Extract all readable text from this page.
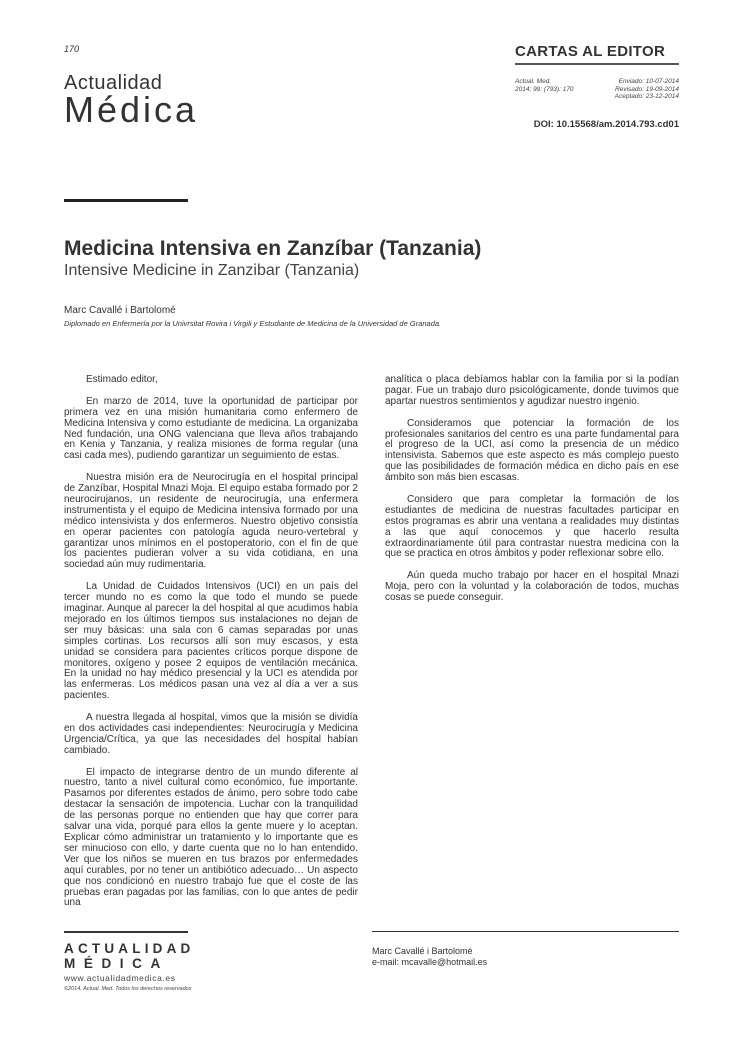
170
Actualidad
Médica
CARTAS AL EDITOR
Actual. Med.
2014; 99: (793): 170
Enviado: 10-07-2014
Revisado: 19-09-2014
Aceptado: 23-12-2014
DOI: 10.15568/am.2014.793.cd01
Medicina Intensiva en Zanzíbar (Tanzania)
Intensive Medicine in Zanzibar (Tanzania)
Marc Cavallé i Bartolomé
Diplomado en Enfermería por la Univrsitat Rovira i Virgili y Estudiante de Medicina de la Universidad de Granada.

Estimado editor,

En marzo de 2014, tuve la oportunidad de participar por primera vez en una misión humanitaria como enfermero de Medicina Intensiva y como estudiante de medicina. La organizaba Ned fundación, una ONG valenciana que lleva años trabajando en Kenia y Tanzania, y realiza misiones de forma regular (una casi cada mes), pudiendo garantizar un seguimiento de estas.

Nuestra misión era de Neurocirugía en el hospital principal de Zanzíbar, Hospital Mnazi Moja. El equipo estaba formado por 2 neurocirujanos, un residente de neurocirugía, una enfermera instrumentista y el equipo de Medicina intensiva formado por una médico intensivista y dos enfermeros. Nuestro objetivo consistía en operar pacientes con patología aguda neuro-vertebral y garantizar unos mínimos en el postoperatorio, con el fin de que los pacientes pudieran volver a su vida cotidiana, en una sociedad aún muy rudimentaria.

La Unidad de Cuidados Intensivos (UCI) en un país del tercer mundo no es como la que todo el mundo se puede imaginar. Aunque al parecer la del hospital al que acudimos había mejorado en los últimos tiempos sus instalaciones no dejan de ser muy básicas: una sala con 6 camas separadas por unas simples cortinas. Los recursos allí son muy escasos, y esta unidad se considera para pacientes críticos porque dispone de monitores, oxígeno y posee 2 equipos de ventilación mecánica. En la unidad no hay médico presencial y la UCI es atendida por las enfermeras. Los médicos pasan una vez al día a ver a sus pacientes.

A nuestra llegada al hospital, vimos que la misión se dividía en dos actividades casi independientes: Neurocirugía y Medicina Urgencia/Crítica, ya que las necesidades del hospital habían cambiado.

El impacto de integrarse dentro de un mundo diferente al nuestro, tanto a nivel cultural como económico, fue importante. Pasamos por diferentes estados de ánimo, pero sobre todo cabe destacar la sensación de impotencia. Luchar con la tranquilidad de las personas porque no entienden que hay que correr para salvar una vida, porqué para ellos la gente muere y lo aceptan. Explicar cómo administrar un tratamiento y lo importante que es ser minucioso con ello, y darte cuenta que no lo han entendido. Ver que los niños se mueren en tus brazos por enfermedades aquí curables, por no tener un antibiótico adecuado… Un aspecto que nos condicionó en nuestro trabajo fue que el coste de las pruebas eran pagadas por las familias, con lo que antes de pedir una

analítica o placa debíamos hablar con la familia por si la podían pagar. Fue un trabajo duro psicológicamente, donde tuvimos que apartar nuestros sentimientos y agudizar nuestro ingenio.

Consideramos que potenciar la formación de los profesionales sanitarios del centro es una parte fundamental para el progreso de la UCI, así como la presencia de un médico intensivista. Sabemos que este aspecto es más complejo puesto que las posibilidades de formación médica en dicho país en ese ámbito son más bien escasas.

Considero que para completar la formación de los estudiantes de medicina de nuestras facultades participar en estos programas es abrir una ventana a realidades muy distintas a las que aquí conocemos y que hacerlo resulta extraordinariamente útil para contrastar nuestra medicina con la que se practica en otros ámbitos y poder reflexionar sobre ello.

Aún queda mucho trabajo por hacer en el hospital Mnazi Moja, pero con la voluntad y la colaboración de todos, muchas cosas se puede conseguir.

ACTUALIDAD
MÉDICA
www.actualidadmedica.es
©2014. Actual. Med. Todos los derechos reservados
Marc Cavallé i Bartolomé
e-mail: mcavalle@hotmail.es
